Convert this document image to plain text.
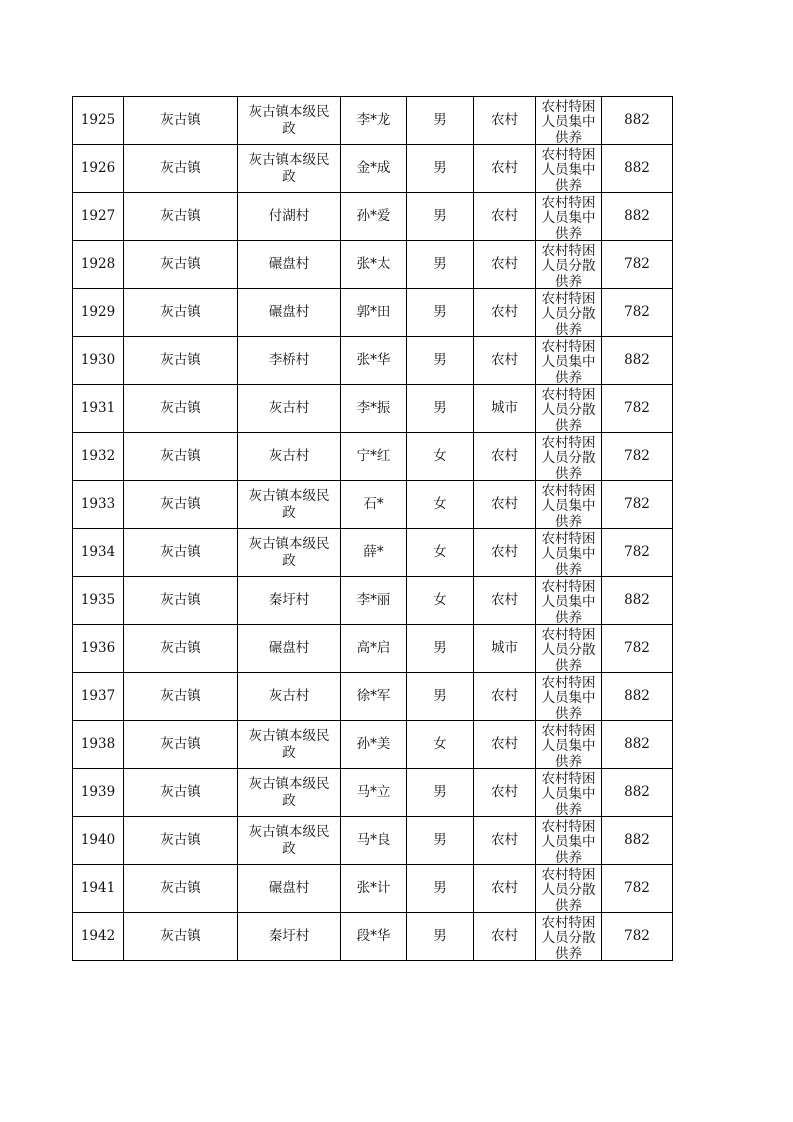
1925	灰古镇	灰古镇本级民政	李*龙	男	农村	农村特困人员集中供养	882

1926	灰古镇	灰古镇本级民政	金*成	男	农村	农村特困人员集中供养	882

1927	灰古镇	付湖村	孙*爱	男	农村	农村特困人员集中供养	882

1928	灰古镇	碾盘村	张*太	男	农村	农村特困人员分散供养	782

1929	灰古镇	碾盘村	郭*田	男	农村	农村特困人员分散供养	782

1930	灰古镇	李桥村	张*华	男	农村	农村特困人员集中供养	882

1931	灰古镇	灰古村	李*振	男	城市	农村特困人员分散供养	782

1932	灰古镇	灰古村	宁*红	女	农村	农村特困人员分散供养	782

1933	灰古镇	灰古镇本级民政	石*	女	农村	农村特困人员集中供养	782

1934	灰古镇	灰古镇本级民政	薛*	女	农村	农村特困人员集中供养	782

1935	灰古镇	秦圩村	李*丽	女	农村	农村特困人员集中供养	882

1936	灰古镇	碾盘村	高*启	男	城市	农村特困人员分散供养	782

1937	灰古镇	灰古村	徐*军	男	农村	农村特困人员集中供养	882

1938	灰古镇	灰古镇本级民政	孙*美	女	农村	农村特困人员集中供养	882

1939	灰古镇	灰古镇本级民政	马*立	男	农村	农村特困人员集中供养	882

1940	灰古镇	灰古镇本级民政	马*良	男	农村	农村特困人员集中供养	882

1941	灰古镇	碾盘村	张*计	男	农村	农村特困人员分散供养	782

1942	灰古镇	秦圩村	段*华	男	农村	农村特困人员分散供养	782
